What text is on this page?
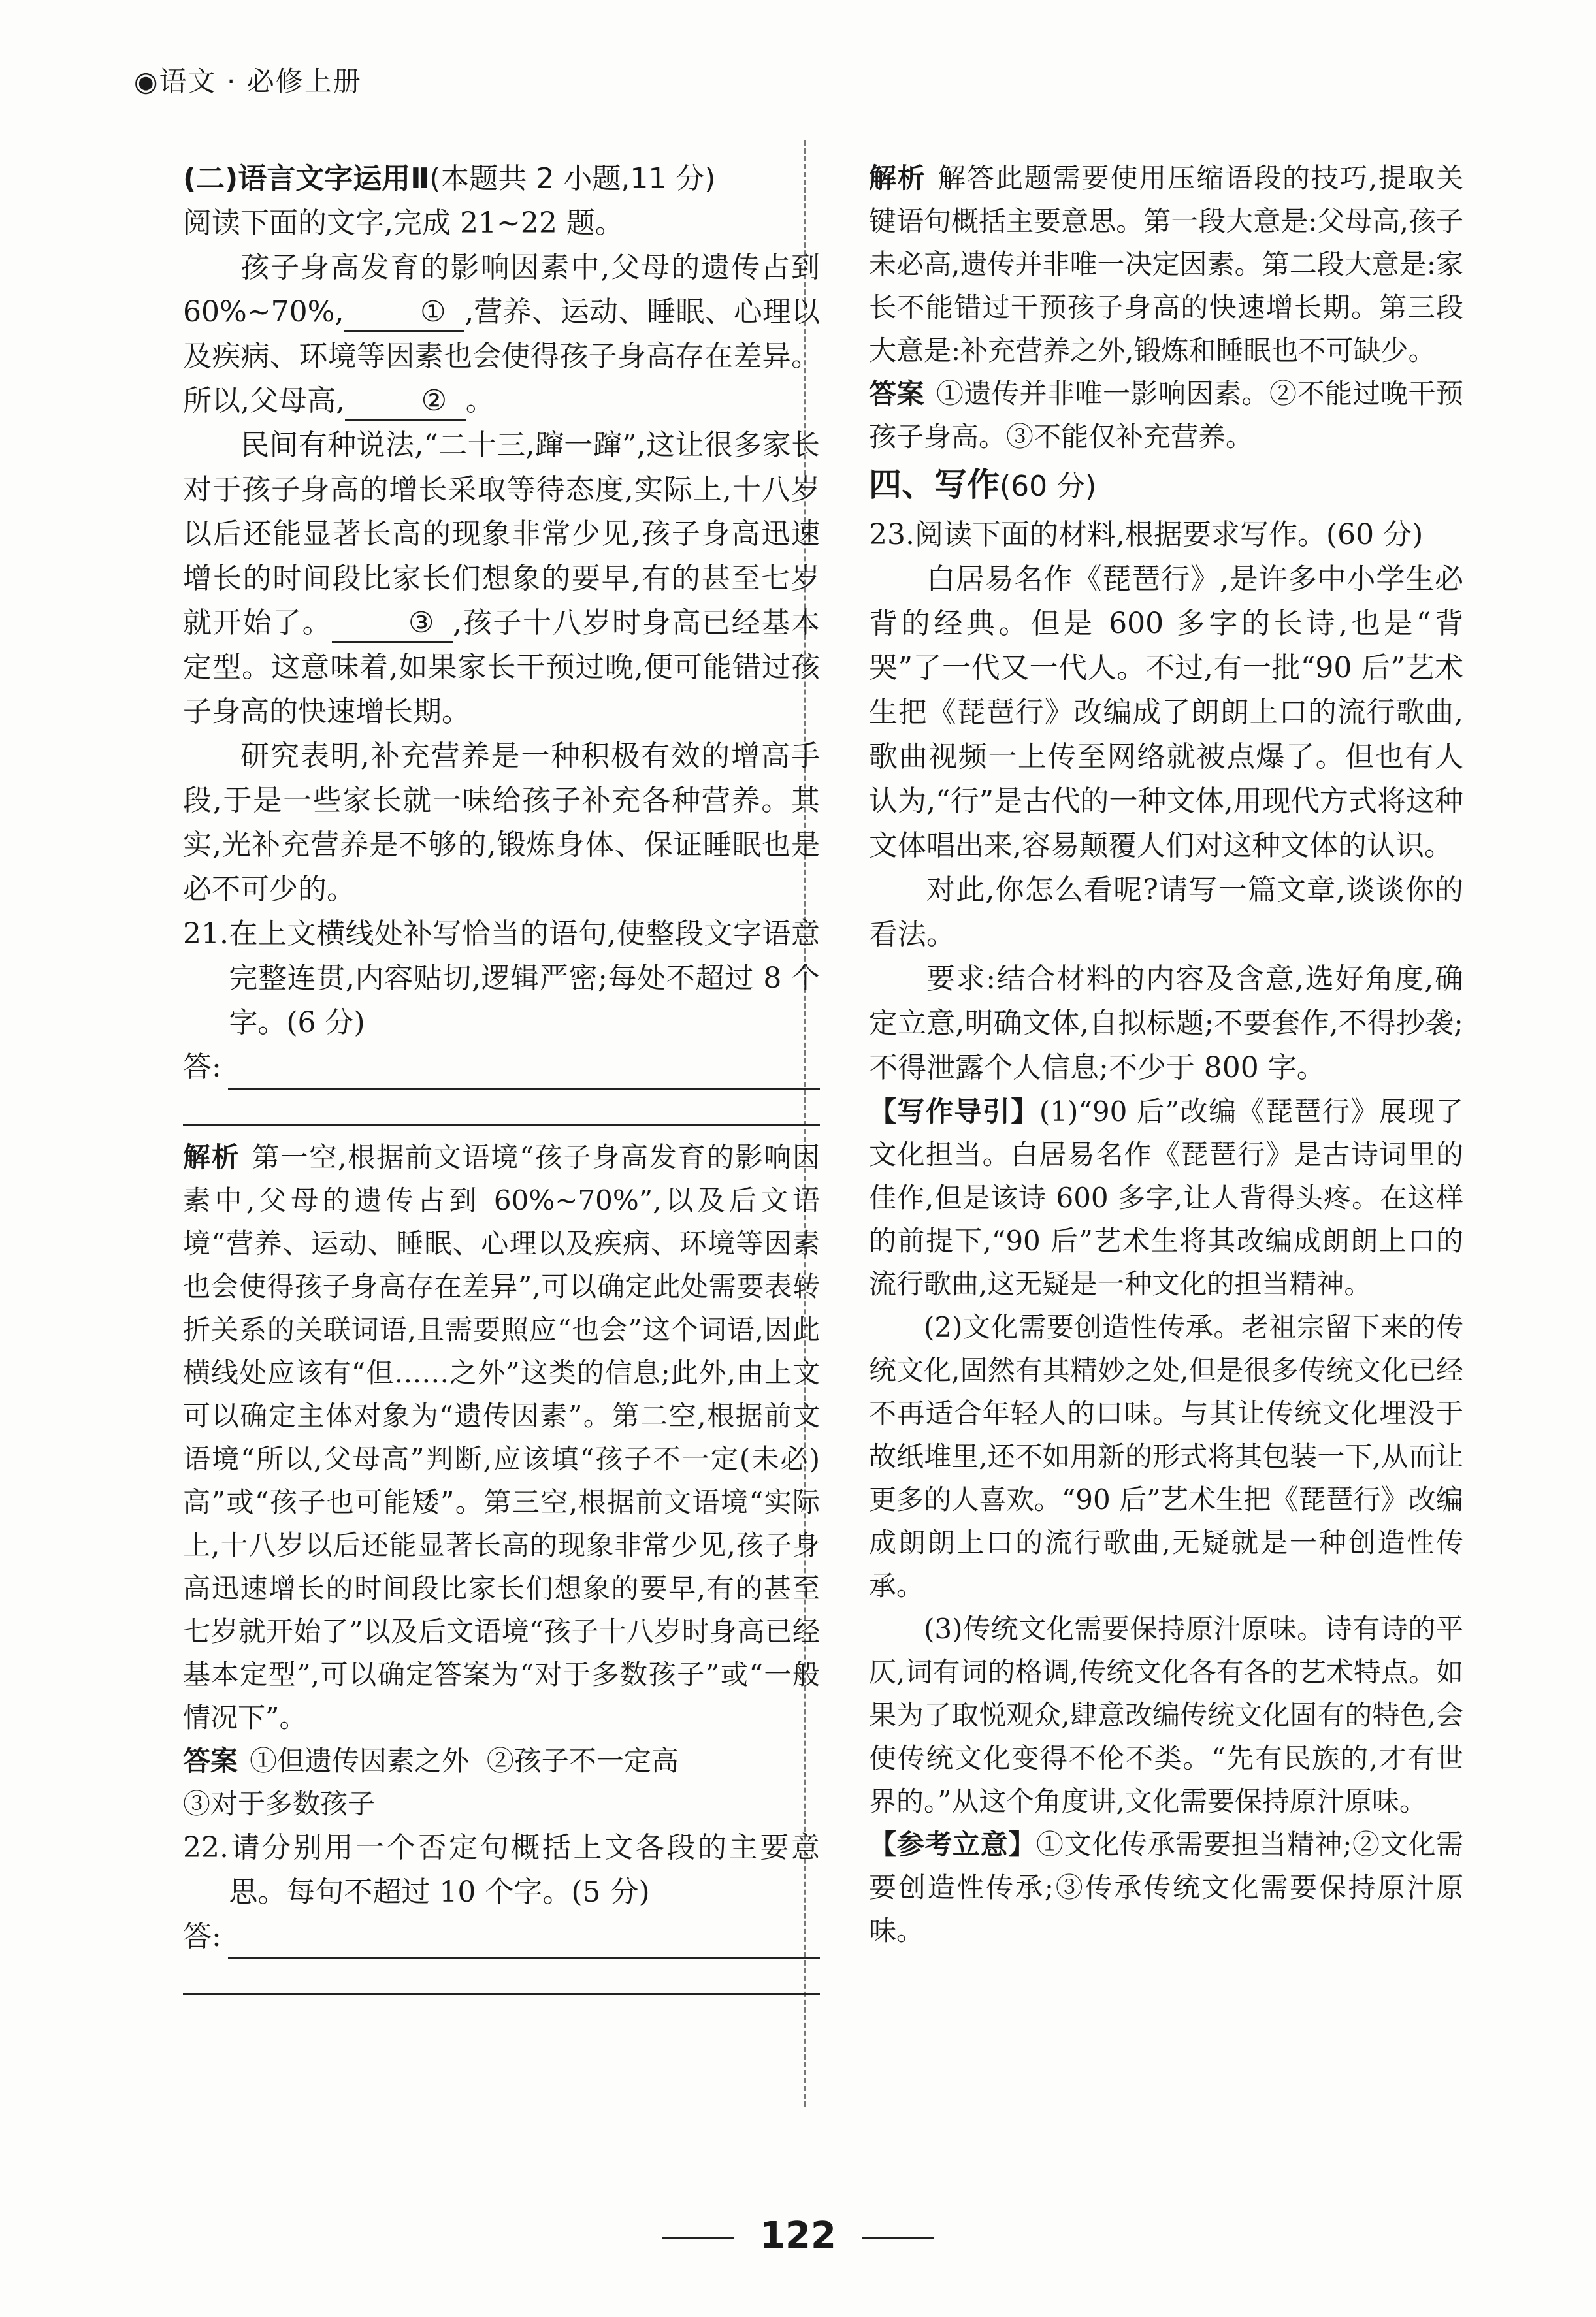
◉语文 · 必修上册

(二)语言文字运用Ⅱ(本题共 2 小题,11 分)

阅读下面的文字,完成 21~22 题。

孩子身高发育的影响因素中,父母的遗传占到 60%~70%,	① ,营养、运动、睡眠、心理以及疾病、环境等因素也会使得孩子身高存在差异。所以,父母高,	② 。

民间有种说法,“二十三,蹿一蹿”,这让很多家长对于孩子身高的增长采取等待态度,实际上,十八岁以后还能显著长高的现象非常少见,孩子身高迅速增长的时间段比家长们想象的要早,有的甚至七岁就开始了。	③ ,孩子十八岁时身高已经基本定型。这意味着,如果家长干预过晚,便可能错过孩子身高的快速增长期。

研究表明,补充营养是一种积极有效的增高手段,于是一些家长就一味给孩子补充各种营养。其实,光补充营养是不够的,锻炼身体、保证睡眠也是必不可少的。

21.在上文横线处补写恰当的语句,使整段文字语意完整连贯,内容贴切,逻辑严密;每处不超过 8 个字。(6 分)

答:

解析 第一空,根据前文语境“孩子身高发育的影响因素中,父母的遗传占到 60%~70%”,以及后文语境“营养、运动、睡眠、心理以及疾病、环境等因素也会使得孩子身高存在差异”,可以确定此处需要表转折关系的关联词语,且需要照应“也会”这个词语,因此横线处应该有“但……之外”这类的信息;此外,由上文可以确定主体对象为“遗传因素”。第二空,根据前文语境“所以,父母高”判断,应该填“孩子不一定(未必)高”或“孩子也可能矮”。第三空,根据前文语境“实际上,十八岁以后还能显著长高的现象非常少见,孩子身高迅速增长的时间段比家长们想象的要早,有的甚至七岁就开始了”以及后文语境“孩子十八岁时身高已经基本定型”,可以确定答案为“对于多数孩子”或“一般情况下”。

答案 ①但遗传因素之外 ②孩子不一定高

③对于多数孩子

22.请分别用一个否定句概括上文各段的主要意思。每句不超过 10 个字。(5 分)

答:

解析 解答此题需要使用压缩语段的技巧,提取关键语句概括主要意思。第一段大意是:父母高,孩子未必高,遗传并非唯一决定因素。第二段大意是:家长不能错过干预孩子身高的快速增长期。第三段大意是:补充营养之外,锻炼和睡眠也不可缺少。

答案 ①遗传并非唯一影响因素。②不能过晚干预孩子身高。③不能仅补充营养。

四、写作(60 分)

23.阅读下面的材料,根据要求写作。(60 分)

白居易名作《琵琶行》,是许多中小学生必背的经典。但是 600 多字的长诗,也是“背哭”了一代又一代人。不过,有一批“90 后”艺术生把《琵琶行》改编成了朗朗上口的流行歌曲,歌曲视频一上传至网络就被点爆了。但也有人认为,“行”是古代的一种文体,用现代方式将这种文体唱出来,容易颠覆人们对这种文体的认识。

对此,你怎么看呢?请写一篇文章,谈谈你的看法。

要求:结合材料的内容及含意,选好角度,确定立意,明确文体,自拟标题;不要套作,不得抄袭;不得泄露个人信息;不少于 800 字。

【写作导引】(1)“90 后”改编《琵琶行》展现了文化担当。白居易名作《琵琶行》是古诗词里的佳作,但是该诗 600 多字,让人背得头疼。在这样的前提下,“90 后”艺术生将其改编成朗朗上口的流行歌曲,这无疑是一种文化的担当精神。

(2)文化需要创造性传承。老祖宗留下来的传统文化,固然有其精妙之处,但是很多传统文化已经不再适合年轻人的口味。与其让传统文化埋没于故纸堆里,还不如用新的形式将其包装一下,从而让更多的人喜欢。“90 后”艺术生把《琵琶行》改编成朗朗上口的流行歌曲,无疑就是一种创造性传承。

(3)传统文化需要保持原汁原味。诗有诗的平仄,词有词的格调,传统文化各有各的艺术特点。如果为了取悦观众,肆意改编传统文化固有的特色,会使传统文化变得不伦不类。“先有民族的,才有世界的。”从这个角度讲,文化需要保持原汁原味。

【参考立意】①文化传承需要担当精神;②文化需要创造性传承;③传承传统文化需要保持原汁原味。

122
